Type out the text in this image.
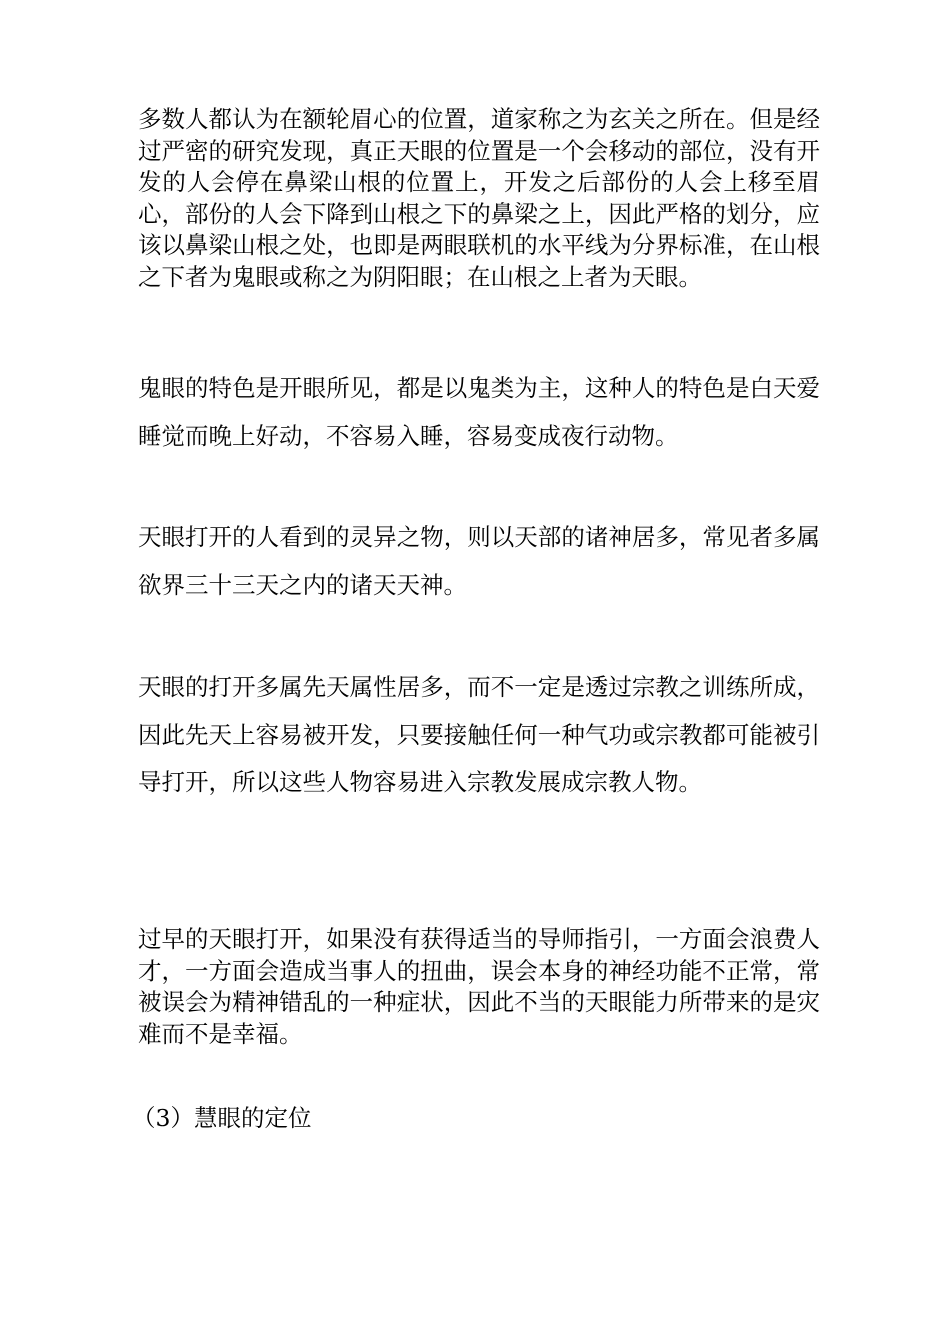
多数人都认为在额轮眉心的位置，道家称之为玄关之所在。但是经过严密的研究发现，真正天眼的位置是一个会移动的部位，没有开发的人会停在鼻梁山根的位置上，开发之后部份的人会上移至眉心，部份的人会下降到山根之下的鼻梁之上，因此严格的划分，应该以鼻梁山根之处，也即是两眼联机的水平线为分界标准，在山根之下者为鬼眼或称之为阴阳眼；在山根之上者为天眼。

鬼眼的特色是开眼所见，都是以鬼类为主，这种人的特色是白天爱睡觉而晚上好动，不容易入睡，容易变成夜行动物。

天眼打开的人看到的灵异之物，则以天部的诸神居多，常见者多属欲界三十三天之内的诸天天神。

天眼的打开多属先天属性居多，而不一定是透过宗教之训练所成，因此先天上容易被开发，只要接触任何一种气功或宗教都可能被引导打开，所以这些人物容易进入宗教发展成宗教人物。

过早的天眼打开，如果没有获得适当的导师指引，一方面会浪费人才，一方面会造成当事人的扭曲，误会本身的神经功能不正常，常被误会为精神错乱的一种症状，因此不当的天眼能力所带来的是灾难而不是幸福。

（3）慧眼的定位
